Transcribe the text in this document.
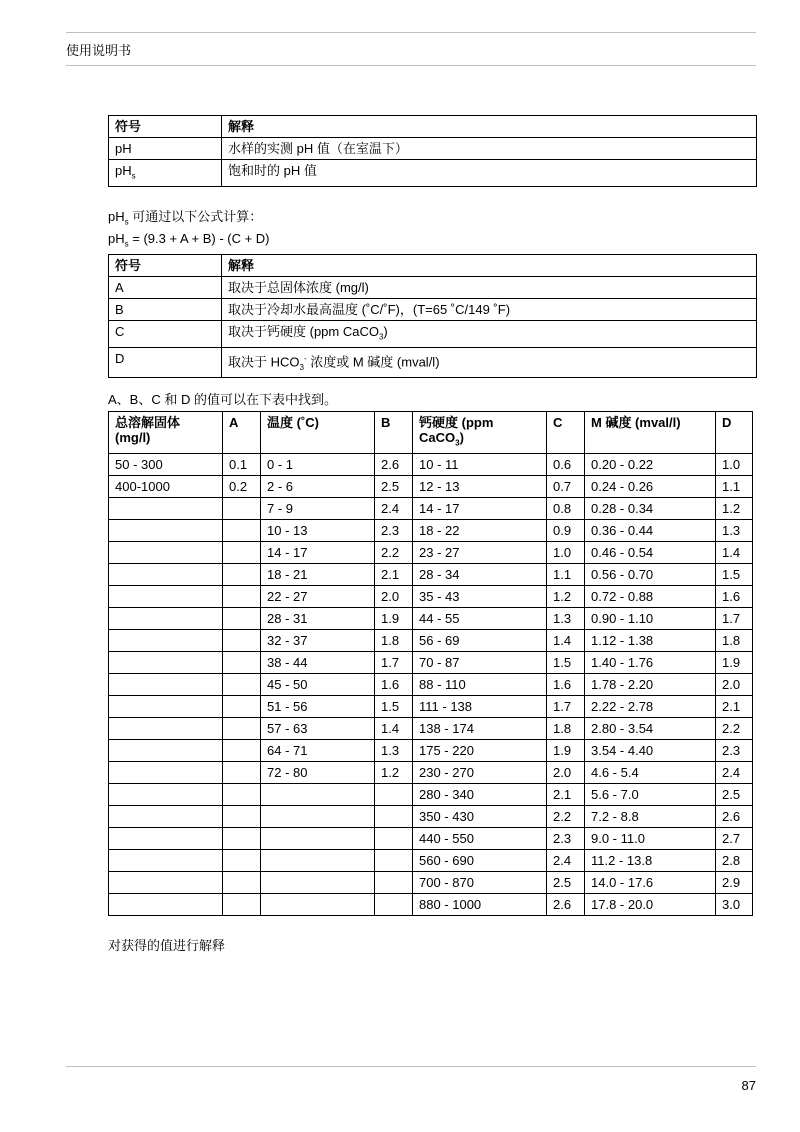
使用说明书
符号	解释
pH	水样的实测 pH 值（在室温下）
$pH_s$	饱和时的 pH 值
$pH_s$ 可通过以下公式计算：
$pH_s = (9.3 + A + B) - (C + D)$
符号	解释
A	取决于总固体浓度 (mg/l)
B	取决于冷却水最高温度 (˚C/˚F)，(T=65 ˚C/149 ˚F)
C	取决于钙硬度 (ppm CaCO$_3$)
D	取决于 $HCO_3^-$ 浓度或 M 碱度 (mval/l)
A、B、C 和 D 的值可以在下表中找到。
总溶解固体 (mg/l)	A	温度 (˚C)	B	钙硬度 (ppm CaCO$_3$)	C	M 碱度 (mval/l)	D
50 - 300	0.1	0 - 1	2.6	10 - 11	0.6	0.20 - 0.22	1.0
400-1000	0.2	2 - 6	2.5	12 - 13	0.7	0.24 - 0.26	1.1
		7 - 9	2.4	14 - 17	0.8	0.28 - 0.34	1.2
		10 - 13	2.3	18 - 22	0.9	0.36 - 0.44	1.3
		14 - 17	2.2	23 - 27	1.0	0.46 - 0.54	1.4
		18 - 21	2.1	28 - 34	1.1	0.56 - 0.70	1.5
		22 - 27	2.0	35 - 43	1.2	0.72 - 0.88	1.6
		28 - 31	1.9	44 - 55	1.3	0.90 - 1.10	1.7
		32 - 37	1.8	56 - 69	1.4	1.12 - 1.38	1.8
		38 - 44	1.7	70 - 87	1.5	1.40 - 1.76	1.9
		45 - 50	1.6	88 - 110	1.6	1.78 - 2.20	2.0
		51 - 56	1.5	111 - 138	1.7	2.22 - 2.78	2.1
		57 - 63	1.4	138 - 174	1.8	2.80 - 3.54	2.2
		64 - 71	1.3	175 - 220	1.9	3.54 - 4.40	2.3
		72 - 80	1.2	230 - 270	2.0	4.6 - 5.4	2.4
				280 - 340	2.1	5.6 - 7.0	2.5
				350 - 430	2.2	7.2 - 8.8	2.6
				440 - 550	2.3	9.0 - 11.0	2.7
				560 - 690	2.4	11.2 - 13.8	2.8
				700 - 870	2.5	14.0 - 17.6	2.9
				880 - 1000	2.6	17.8 - 20.0	3.0
对获得的值进行解释
87
